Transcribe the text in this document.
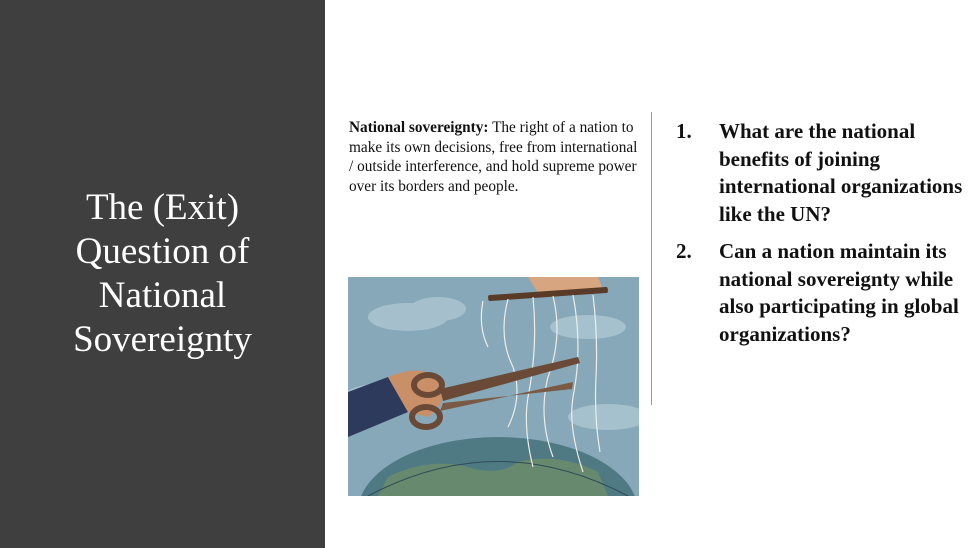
The (Exit)
Question of
National
Sovereignty
National sovereignty: The right of a nation to make its own decisions, free from international / outside interference, and hold supreme power over its borders and people.
1.	What are the national benefits of joining international organizations like the UN?
2.	Can a nation maintain its national sovereignty while also participating in global organizations?
